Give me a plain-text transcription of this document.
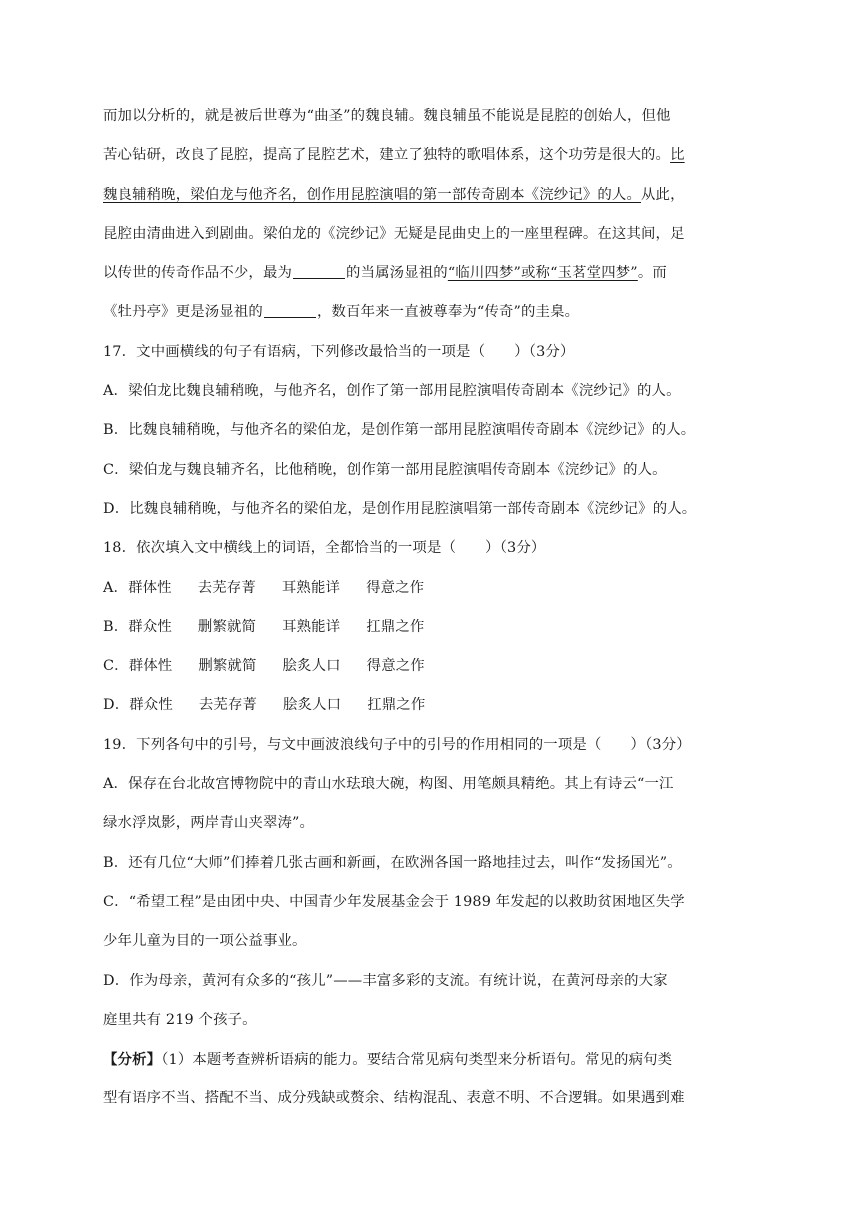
而加以分析的，就是被后世尊为“曲圣”的魏良辅。魏良辅虽不能说是昆腔的创始人，但他
苦心钻研，改良了昆腔，提高了昆腔艺术，建立了独特的歌唱体系，这个功劳是很大的。比
魏良辅稍晚，梁伯龙与他齐名，创作用昆腔演唱的第一部传奇剧本《浣纱记》的人。从此，
昆腔由清曲进入到剧曲。梁伯龙的《浣纱记》无疑是昆曲史上的一座里程碑。在这其间，足
以传世的传奇作品不少，最为	的当属汤显祖的“临川四梦”或称“玉茗堂四梦”。而
《牡丹亭》更是汤显祖的	，数百年来一直被尊奉为“传奇”的圭臬。
17．文中画横线的句子有语病，下列修改最恰当的一项是（　　）（3分）
A．梁伯龙比魏良辅稍晚，与他齐名，创作了第一部用昆腔演唱传奇剧本《浣纱记》的人。
B．比魏良辅稍晚，与他齐名的梁伯龙，是创作第一部用昆腔演唱传奇剧本《浣纱记》的人。
C．梁伯龙与魏良辅齐名，比他稍晚，创作第一部用昆腔演唱传奇剧本《浣纱记》的人。
D．比魏良辅稍晚，与他齐名的梁伯龙，是创作用昆腔演唱第一部传奇剧本《浣纱记》的人。
18．依次填入文中横线上的词语，全都恰当的一项是（　　）（3分）
A．群体性 去芜存菁 耳熟能详 得意之作
B．群众性 删繁就简 耳熟能详 扛鼎之作
C．群体性 删繁就简 脍炙人口 得意之作
D．群众性 去芜存菁 脍炙人口 扛鼎之作
19．下列各句中的引号，与文中画波浪线句子中的引号的作用相同的一项是（　　）（3分）
A．保存在台北故宫博物院中的青山水珐琅大碗，构图、用笔颇具精绝。其上有诗云“一江
绿水浮岚影，两岸青山夹翠涛”。
B．还有几位“大师”们捧着几张古画和新画，在欧洲各国一路地挂过去，叫作“发扬国光”。
C．“希望工程”是由团中央、中国青少年发展基金会于 1989 年发起的以救助贫困地区失学
少年儿童为目的一项公益事业。
D．作为母亲，黄河有众多的“孩儿”——丰富多彩的支流。有统计说，在黄河母亲的大家
庭里共有 219 个孩子。
【分析】（1）本题考查辨析语病的能力。要结合常见病句类型来分析语句。常见的病句类
型有语序不当、搭配不当、成分残缺或赘余、结构混乱、表意不明、不合逻辑。如果遇到难
